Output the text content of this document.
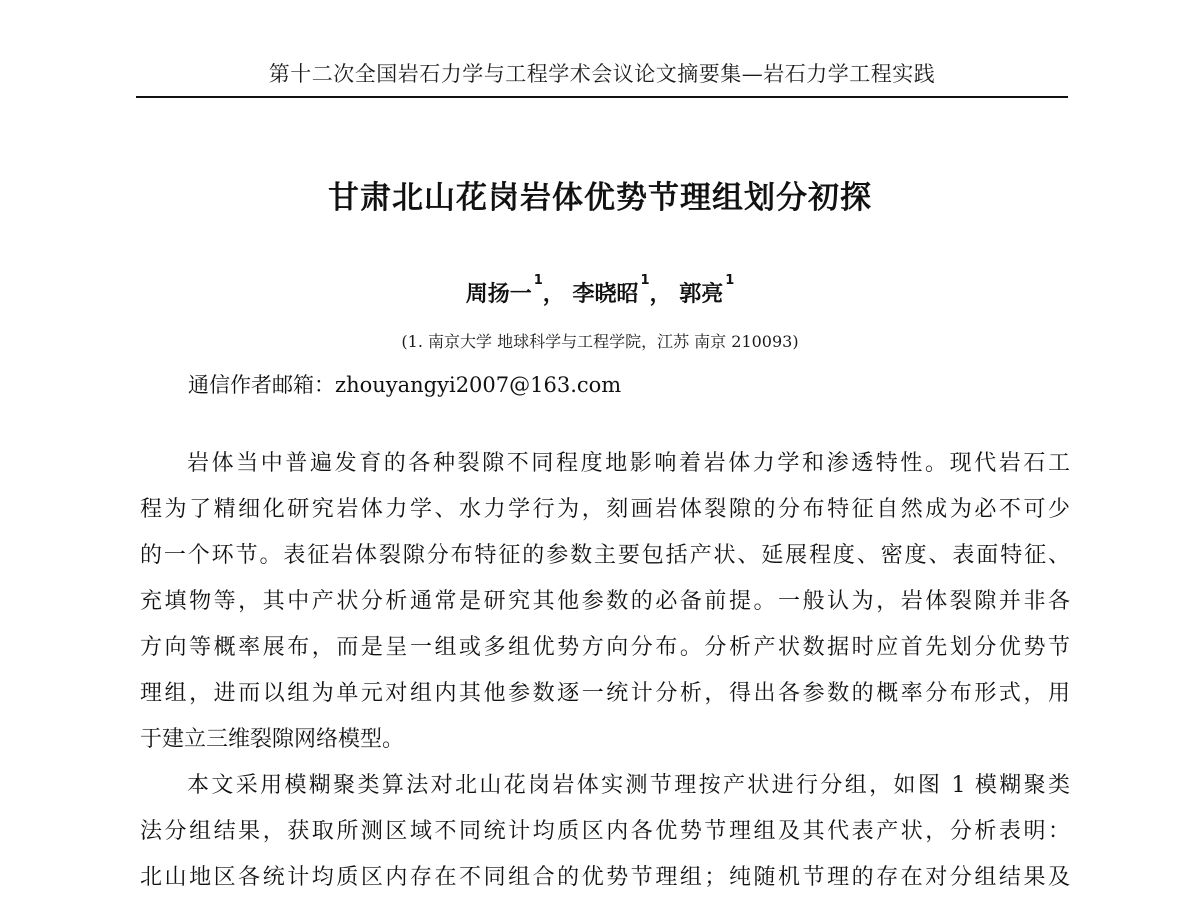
第十二次全国岩石力学与工程学术会议论文摘要集—岩石力学工程实践
甘肃北山花岗岩体优势节理组划分初探
周扬一$^1$， 李晓昭$^1$， 郭亮$^1$
(1. 南京大学 地球科学与工程学院，江苏 南京 210093)
通信作者邮箱：zhouyangyi2007@163.com
岩体当中普遍发育的各种裂隙不同程度地影响着岩体力学和渗透特性。现代岩石工
程为了精细化研究岩体力学、水力学行为，刻画岩体裂隙的分布特征自然成为必不可少
的一个环节。表征岩体裂隙分布特征的参数主要包括产状、延展程度、密度、表面特征、
充填物等，其中产状分析通常是研究其他参数的必备前提。一般认为，岩体裂隙并非各
方向等概率展布，而是呈一组或多组优势方向分布。分析产状数据时应首先划分优势节
理组，进而以组为单元对组内其他参数逐一统计分析，得出各参数的概率分布形式，用
于建立三维裂隙网络模型。
本文采用模糊聚类算法对北山花岗岩体实测节理按产状进行分组，如图 1 模糊聚类
法分组结果，获取所测区域不同统计均质区内各优势节理组及其代表产状，分析表明：
北山地区各统计均质区内存在不同组合的优势节理组；纯随机节理的存在对分组结果及
